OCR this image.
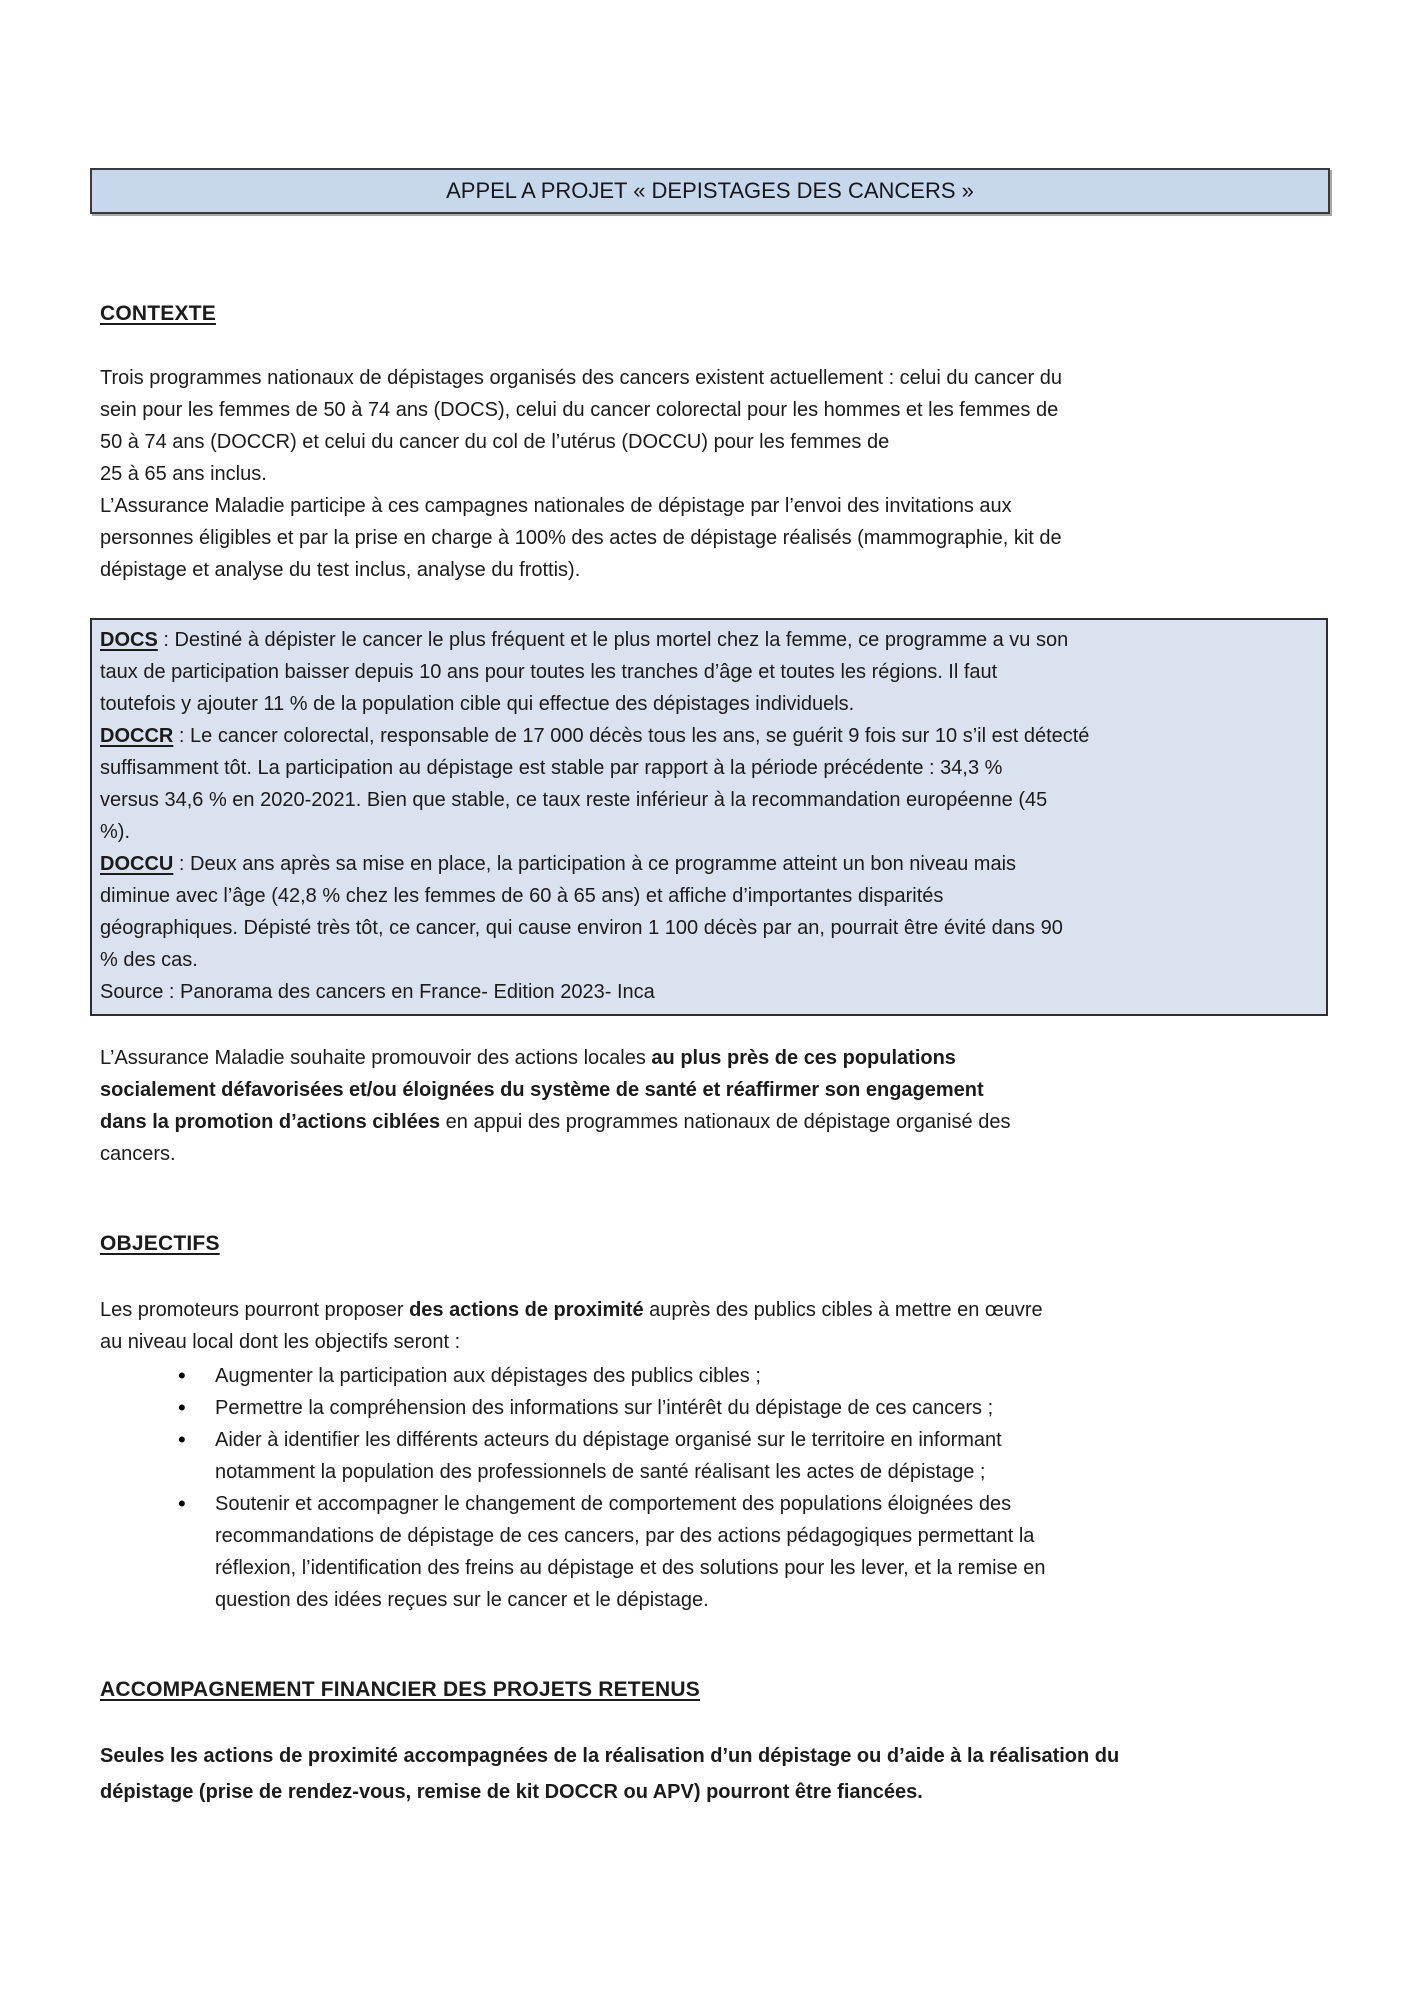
APPEL A PROJET « DEPISTAGES DES CANCERS »
CONTEXTE
Trois programmes nationaux de dépistages organisés des cancers existent actuellement : celui du cancer du
sein pour les femmes de 50 à 74 ans (DOCS), celui du cancer colorectal pour les hommes et les femmes de
50 à 74 ans (DOCCR) et celui du cancer du col de l’utérus (DOCCU) pour les femmes de
25 à 65 ans inclus.
L’Assurance Maladie participe à ces campagnes nationales de dépistage par l’envoi des invitations aux
personnes éligibles et par la prise en charge à 100% des actes de dépistage réalisés (mammographie, kit de
dépistage et analyse du test inclus, analyse du frottis).
DOCS : Destiné à dépister le cancer le plus fréquent et le plus mortel chez la femme, ce programme a vu son
taux de participation baisser depuis 10 ans pour toutes les tranches d’âge et toutes les régions. Il faut
toutefois y ajouter 11 % de la population cible qui effectue des dépistages individuels.
DOCCR : Le cancer colorectal, responsable de 17 000 décès tous les ans, se guérit 9 fois sur 10 s’il est détecté
suffisamment tôt. La participation au dépistage est stable par rapport à la période précédente : 34,3 %
versus 34,6 % en 2020-2021. Bien que stable, ce taux reste inférieur à la recommandation européenne (45
%).
DOCCU : Deux ans après sa mise en place, la participation à ce programme atteint un bon niveau mais
diminue avec l’âge (42,8 % chez les femmes de 60 à 65 ans) et affiche d’importantes disparités
géographiques. Dépisté très tôt, ce cancer, qui cause environ 1 100 décès par an, pourrait être évité dans 90
% des cas.
Source : Panorama des cancers en France- Edition 2023- Inca
L’Assurance Maladie souhaite promouvoir des actions locales au plus près de ces populations
socialement défavorisées et/ou éloignées du système de santé et réaffirmer son engagement
dans la promotion d’actions ciblées en appui des programmes nationaux de dépistage organisé des
cancers.
OBJECTIFS
Les promoteurs pourront proposer des actions de proximité auprès des publics cibles à mettre en œuvre
au niveau local dont les objectifs seront :
• Augmenter la participation aux dépistages des publics cibles ;
• Permettre la compréhension des informations sur l’intérêt du dépistage de ces cancers ;
• Aider à identifier les différents acteurs du dépistage organisé sur le territoire en informant
notamment la population des professionnels de santé réalisant les actes de dépistage ;
• Soutenir et accompagner le changement de comportement des populations éloignées des
recommandations de dépistage de ces cancers, par des actions pédagogiques permettant la
réflexion, l’identification des freins au dépistage et des solutions pour les lever, et la remise en
question des idées reçues sur le cancer et le dépistage.
ACCOMPAGNEMENT FINANCIER DES PROJETS RETENUS
Seules les actions de proximité accompagnées de la réalisation d’un dépistage ou d’aide à la réalisation du
dépistage (prise de rendez-vous, remise de kit DOCCR ou APV) pourront être fiancées.
